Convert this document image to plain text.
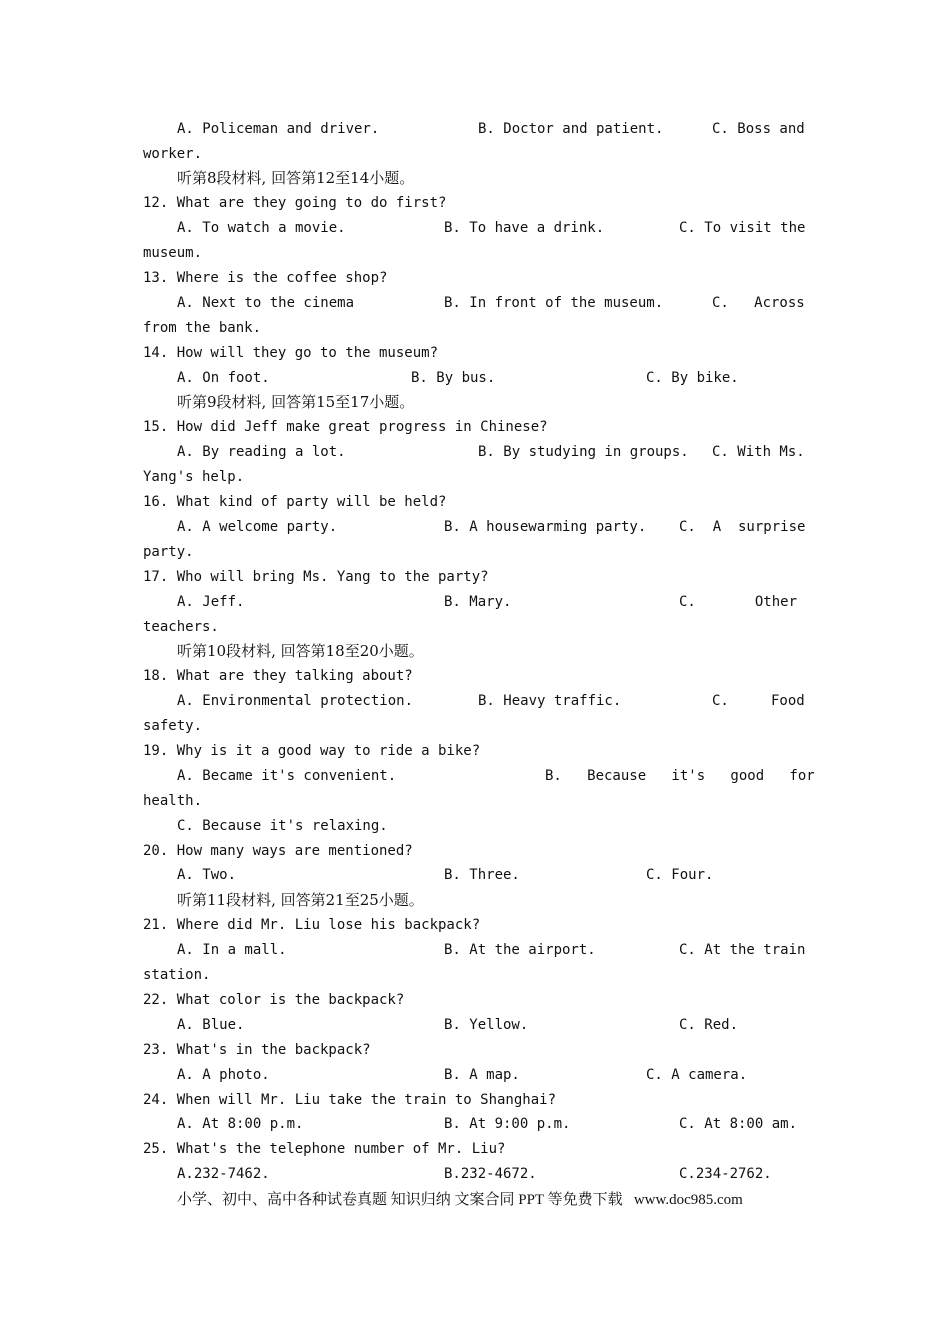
A. Policeman and driver.	B. Doctor and patient.	C. Boss and
worker.
听第8段材料, 回答第12至14小题。
12. What are they going to do first?
A. To watch a movie.	B. To have a drink.	C. To visit the
museum.
13. Where is the coffee shop?
A. Next to the cinema	B. In front of the museum.	C.   Across
from the bank.
14. How will they go to the museum?
A. On foot.	B. By bus.	C. By bike.
听第9段材料, 回答第15至17小题。
15. How did Jeff make great progress in Chinese?
A. By reading a lot.	B. By studying in groups. C. With Ms.
Yang's help.
16. What kind of party will be held?
A. A welcome party.	B. A housewarming party. C.  A  surprise
party.
17. Who will bring Ms. Yang to the party?
A. Jeff.	B. Mary.	C.       Other
teachers.
听第10段材料, 回答第18至20小题。
18. What are they talking about?
A. Environmental protection.	B. Heavy traffic.	C.     Food
safety.
19. Why is it a good way to ride a bike?
A. Became it's convenient.	B.   Because   it's   good   for
health.
C. Because it's relaxing.
20. How many ways are mentioned?
A. Two.	B. Three.	C. Four.
听第11段材料, 回答第21至25小题。
21. Where did Mr. Liu lose his backpack?
A. In a mall.	B. At the airport.	C. At the train
station.
22. What color is the backpack?
A. Blue.	B. Yellow.	C. Red.
23. What's in the backpack?
A. A photo.	B. A map.	C. A camera.
24. When will Mr. Liu take the train to Shanghai?
A. At 8:00 p.m.	B. At 9:00 p.m.	C. At 8:00 am.
25. What's the telephone number of Mr. Liu?
A.232-7462.	B.232-4672.	C.234-2762.
小学、初中、高中各种试卷真题 知识归纳 文案合同 PPT 等免费下载   www.doc985.com
